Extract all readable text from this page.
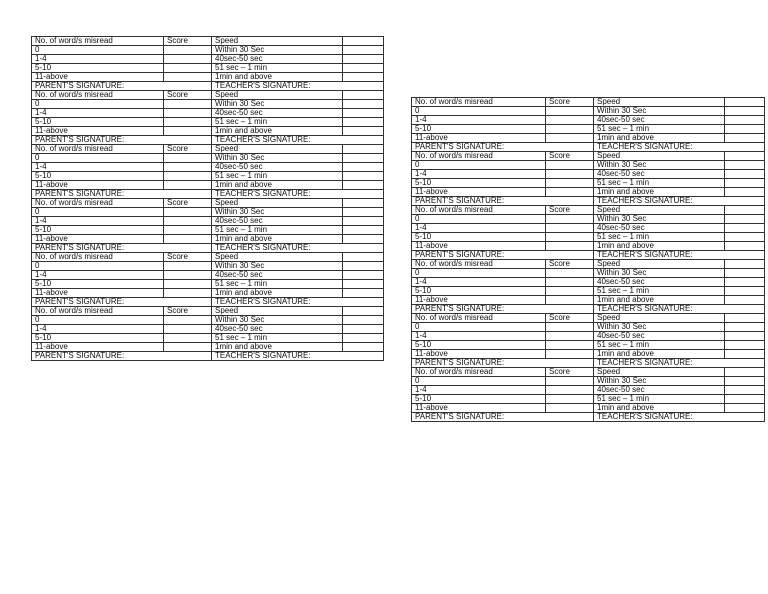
No. of word/s misread	Score	Speed	
0		Within 30 Sec	
1-4		40sec-50 sec	
5-10		51 sec – 1 min	
11-above		1min and above	
PARENT'S SIGNATURE:		TEACHER'S SIGNATURE:	
No. of word/s misread	Score	Speed	
0		Within 30 Sec	
1-4		40sec-50 sec	
5-10		51 sec – 1 min	
11-above		1min and above	
PARENT'S SIGNATURE:		TEACHER'S SIGNATURE:	
No. of word/s misread	Score	Speed	
0		Within 30 Sec	
1-4		40sec-50 sec	
5-10		51 sec – 1 min	
11-above		1min and above	
PARENT'S SIGNATURE:		TEACHER'S SIGNATURE:	
No. of word/s misread	Score	Speed	
0		Within 30 Sec	
1-4		40sec-50 sec	
5-10		51 sec – 1 min	
11-above		1min and above	
PARENT'S SIGNATURE:		TEACHER'S SIGNATURE:	
No. of word/s misread	Score	Speed	
0		Within 30 Sec	
1-4		40sec-50 sec	
5-10		51 sec – 1 min	
11-above		1min and above	
PARENT'S SIGNATURE:		TEACHER'S SIGNATURE:	
No. of word/s misread	Score	Speed	
0		Within 30 Sec	
1-4		40sec-50 sec	
5-10		51 sec – 1 min	
11-above		1min and above	
PARENT'S SIGNATURE:		TEACHER'S SIGNATURE:	
No. of word/s misread	Score	Speed	
0		Within 30 Sec	
1-4		40sec-50 sec	
5-10		51 sec – 1 min	
11-above		1min and above	
PARENT'S SIGNATURE:		TEACHER'S SIGNATURE:	
No. of word/s misread	Score	Speed	
0		Within 30 Sec	
1-4		40sec-50 sec	
5-10		51 sec – 1 min	
11-above		1min and above	
PARENT'S SIGNATURE:		TEACHER'S SIGNATURE:	
No. of word/s misread	Score	Speed	
0		Within 30 Sec	
1-4		40sec-50 sec	
5-10		51 sec – 1 min	
11-above		1min and above	
PARENT'S SIGNATURE:		TEACHER'S SIGNATURE:	
No. of word/s misread	Score	Speed	
0		Within 30 Sec	
1-4		40sec-50 sec	
5-10		51 sec – 1 min	
11-above		1min and above	
PARENT'S SIGNATURE:		TEACHER'S SIGNATURE:	
No. of word/s misread	Score	Speed	
0		Within 30 Sec	
1-4		40sec-50 sec	
5-10		51 sec – 1 min	
11-above		1min and above	
PARENT'S SIGNATURE:		TEACHER'S SIGNATURE:	
No. of word/s misread	Score	Speed	
0		Within 30 Sec	
1-4		40sec-50 sec	
5-10		51 sec – 1 min	
11-above		1min and above	
PARENT'S SIGNATURE:		TEACHER'S SIGNATURE:	
